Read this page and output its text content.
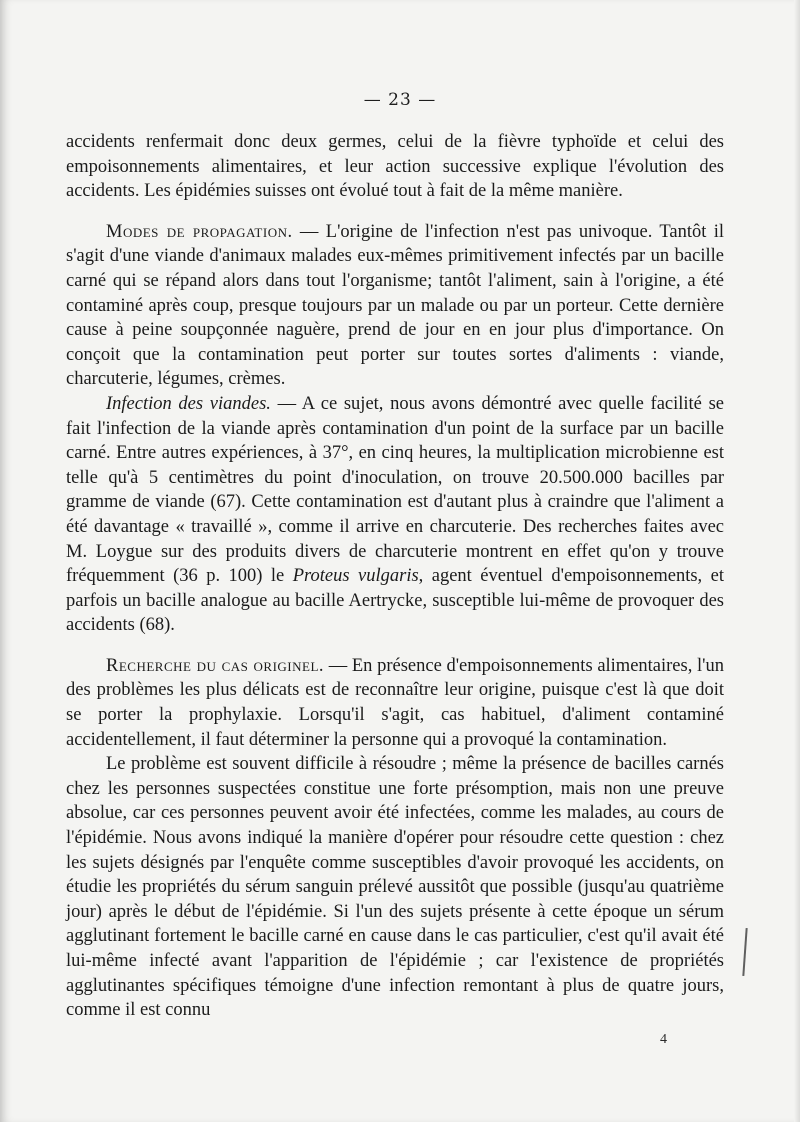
— 23 —

accidents renfermait donc deux germes, celui de la fièvre typhoïde et celui des empoisonnements alimentaires, et leur action successive explique l'évolution des accidents. Les épidémies suisses ont évolué tout à fait de la même manière.

Modes de propagation. — L'origine de l'infection n'est pas univoque. Tantôt il s'agit d'une viande d'animaux malades eux-mêmes primitivement infectés par un bacille carné qui se répand alors dans tout l'organisme; tantôt l'aliment, sain à l'origine, a été contaminé après coup, presque toujours par un malade ou par un porteur. Cette dernière cause à peine soupçonnée naguère, prend de jour en en jour plus d'importance. On conçoit que la contamination peut porter sur toutes sortes d'aliments : viande, charcuterie, légumes, crèmes.

Infection des viandes. — A ce sujet, nous avons démontré avec quelle facilité se fait l'infection de la viande après contamination d'un point de la surface par un bacille carné. Entre autres expériences, à 37°, en cinq heures, la multiplication microbienne est telle qu'à 5 centimètres du point d'inoculation, on trouve 20.500.000 bacilles par gramme de viande (67). Cette contamination est d'autant plus à craindre que l'aliment a été davantage « travaillé », comme il arrive en charcuterie. Des recherches faites avec M. Loygue sur des produits divers de charcuterie montrent en effet qu'on y trouve fréquemment (36 p. 100) le Proteus vulgaris, agent éventuel d'empoisonnements, et parfois un bacille analogue au bacille Aertrycke, susceptible lui-même de provoquer des accidents (68).

Recherche du cas originel. — En présence d'empoisonnements alimentaires, l'un des problèmes les plus délicats est de reconnaître leur origine, puisque c'est là que doit se porter la prophylaxie. Lorsqu'il s'agit, cas habituel, d'aliment contaminé accidentellement, il faut déterminer la personne qui a provoqué la contamination.

Le problème est souvent difficile à résoudre ; même la présence de bacilles carnés chez les personnes suspectées constitue une forte présomption, mais non une preuve absolue, car ces personnes peuvent avoir été infectées, comme les malades, au cours de l'épidémie. Nous avons indiqué la manière d'opérer pour résoudre cette question : chez les sujets désignés par l'enquête comme susceptibles d'avoir provoqué les accidents, on étudie les propriétés du sérum sanguin prélevé aussitôt que possible (jusqu'au quatrième jour) après le début de l'épidémie. Si l'un des sujets présente à cette époque un sérum agglutinant fortement le bacille carné en cause dans le cas particulier, c'est qu'il avait été lui-même infecté avant l'apparition de l'épidémie ; car l'existence de propriétés agglutinantes spécifiques témoigne d'une infection remontant à plus de quatre jours, comme il est connu

4
